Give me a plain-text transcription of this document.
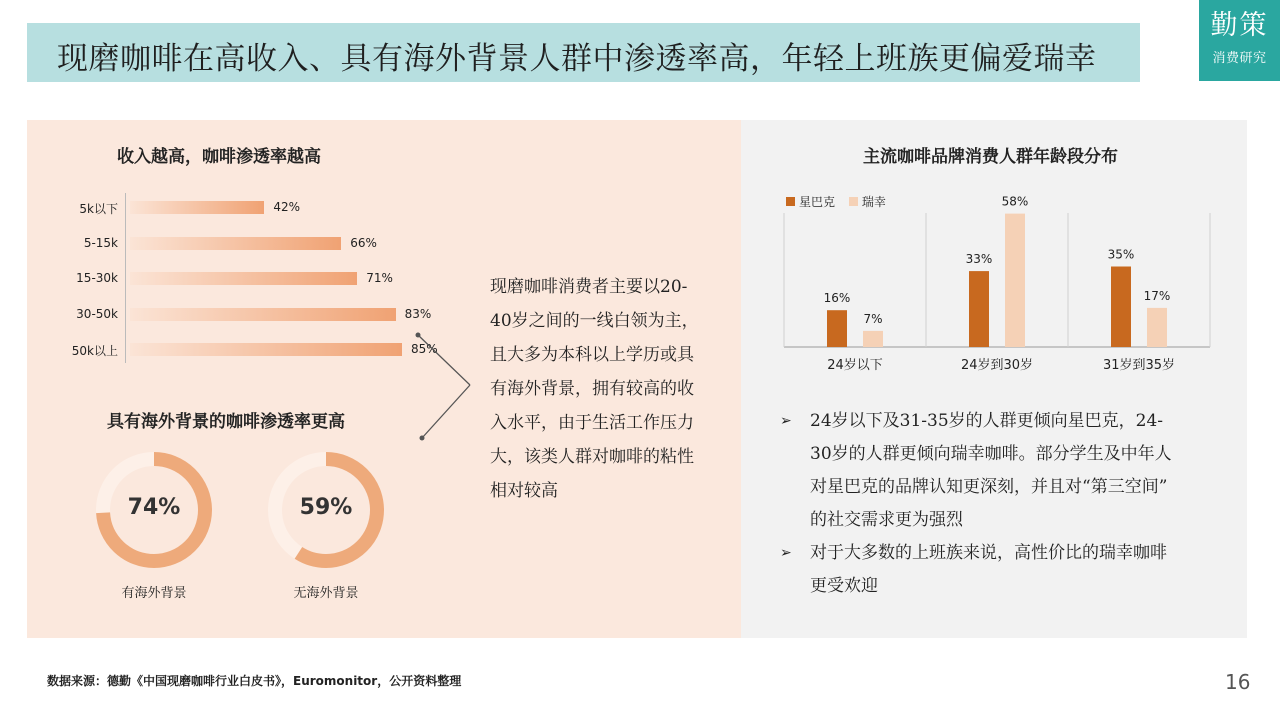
现磨咖啡在高收入、具有海外背景人群中渗透率高，年轻上班族更偏爱瑞幸
勤策
消费研究
收入越高，咖啡渗透率越高
5k以下	42%
5-15k	66%
15-30k	71%
30-50k	83%
50k以上	85%
具有海外背景的咖啡渗透率更高
74%
有海外背景
59%
无海外背景
现磨咖啡消费者主要以20-
40岁之间的一线白领为主，
且大多为本科以上学历或具
有海外背景，拥有较高的收
入水平，由于生活工作压力
大，该类人群对咖啡的粘性
相对较高
主流咖啡品牌消费人群年龄段分布
星巴克 瑞幸
16%
7%
24岁以下
33%
58%
24岁到30岁
35%
17%
31岁到35岁
➢ 24岁以下及31-35岁的人群更倾向星巴克，24-
30岁的人群更倾向瑞幸咖啡。部分学生及中年人
对星巴克的品牌认知更深刻，并且对“第三空间”
的社交需求更为强烈
➢ 对于大多数的上班族来说，高性价比的瑞幸咖啡
更受欢迎
数据来源：德勤《中国现磨咖啡行业白皮书》，Euromonitor，公开资料整理	16
